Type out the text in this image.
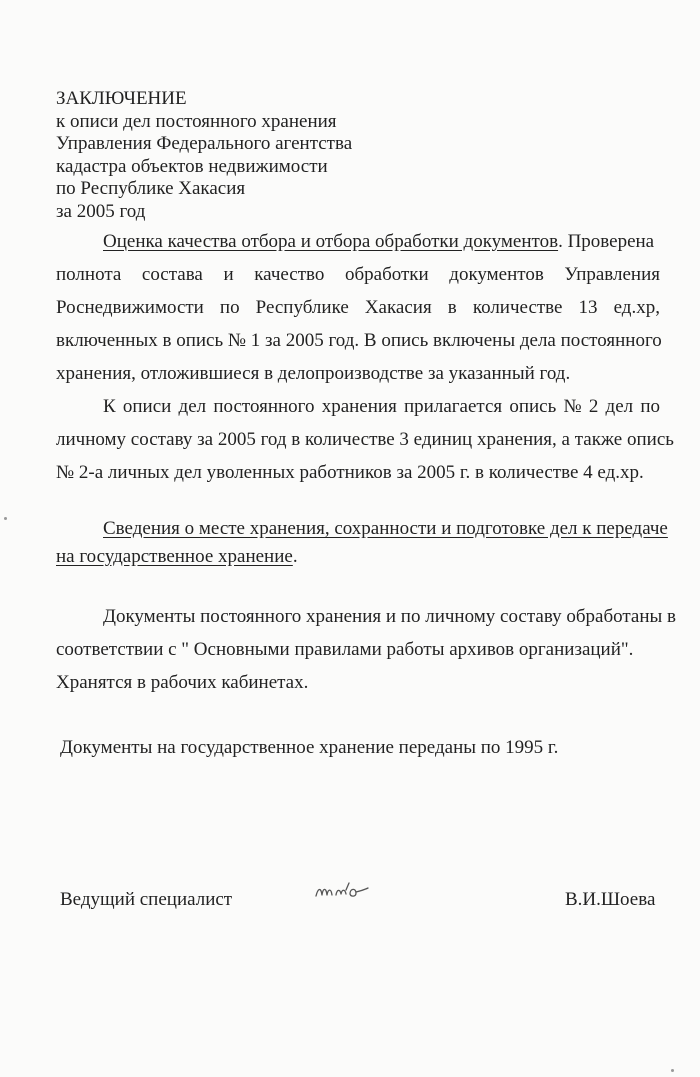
ЗАКЛЮЧЕНИЕ
к описи дел постоянного хранения
Управления Федерального агентства
кадастра объектов недвижимости
по Республике Хакасия
за 2005 год
Оценка качества отбора и отбора обработки документов. Проверена
полнота состава и качество обработки документов Управления
Роснедвижимости по Республике Хакасия в количестве 13 ед.хр,
включенных в опись № 1 за 2005 год. В опись включены дела постоянного
хранения, отложившиеся в делопроизводстве за указанный год.
К описи дел постоянного хранения прилагается опись № 2 дел по
личному составу за 2005 год в количестве 3 единиц хранения, а также опись
№ 2-а личных дел уволенных работников за 2005 г. в количестве 4 ед.хр.
Сведения о месте хранения, сохранности и подготовке дел к передаче
на государственное хранение.
Документы постоянного хранения и по личному составу обработаны в
соответствии с " Основными правилами работы архивов организаций".
Хранятся в рабочих кабинетах.
Документы на государственное хранение переданы по 1995 г.
Ведущий специалист	В.И.Шоева
